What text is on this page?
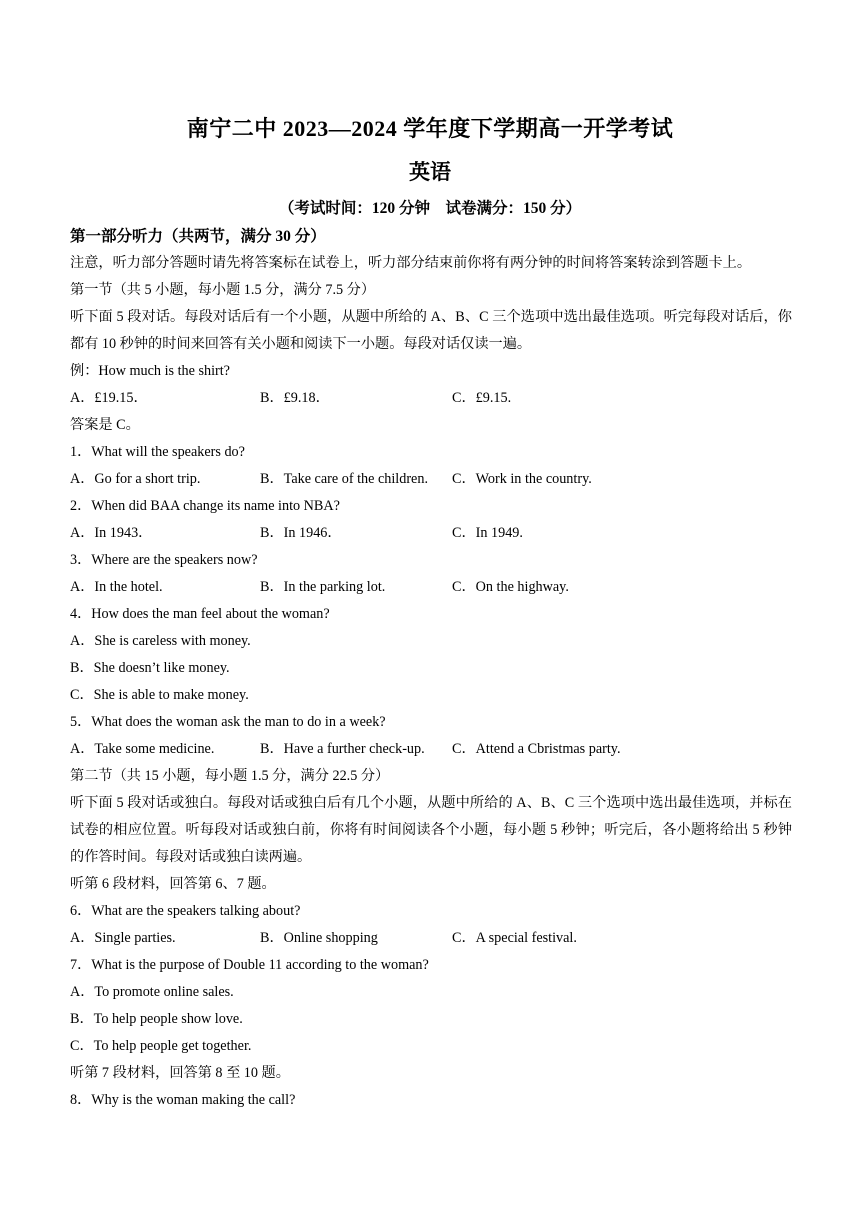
南宁二中 2023—2024 学年度下学期高一开学考试
英语
（考试时间：120 分钟    试卷满分：150 分）
第一部分听力（共两节，满分 30 分）
注意，听力部分答题时请先将答案标在试卷上，听力部分结束前你将有两分钟的时间将答案转涂到答题卡上。
第一节（共 5 小题，每小题 1.5 分，满分 7.5 分）
听下面 5 段对话。每段对话后有一个小题，从题中所给的 A、B、C 三个选项中选出最佳选项。听完每段对话后，你都有 10 秒钟的时间来回答有关小题和阅读下一小题。每段对话仅读一遍。
例：How much is the shirt?
A．£19.15．	B．£9.18．	C．£9.15.
答案是 C。
1．What will the speakers do?
A．Go for a short trip.	B．Take care of the children.	C．Work in the country.
2．When did BAA change its name into NBA?
A．In 1943．	B．In 1946．	C．In 1949.
3．Where are the speakers now?
A．In the hotel.	B．In the parking lot.	C．On the highway.
4．How does the man feel about the woman?
A．She is careless with money.
B．She doesn’t like money.
C．She is able to make money.
5．What does the woman ask the man to do in a week?
A．Take some medicine.	B．Have a further check-up.	C．Attend a Cbristmas party.
第二节（共 15 小题，每小题 1.5 分，满分 22.5 分）
听下面 5 段对话或独白。每段对话或独白后有几个小题，从题中所给的 A、B、C 三个选项中选出最佳选项，并标在试卷的相应位置。听每段对话或独白前，你将有时间阅读各个小题，每小题 5 秒钟；听完后，各小题将给出 5 秒钟的作答时间。每段对话或独白读两遍。
听第 6 段材料，回答第 6、7 题。
6．What are the speakers talking about?
A．Single parties.	B．Online shopping	C．A special festival.
7．What is the purpose of Double 11 according to the woman?
A．To promote online sales.
B．To help people show love.
C．To help people get together.
听第 7 段材料，回答第 8 至 10 题。
8．Why is the woman making the call?
